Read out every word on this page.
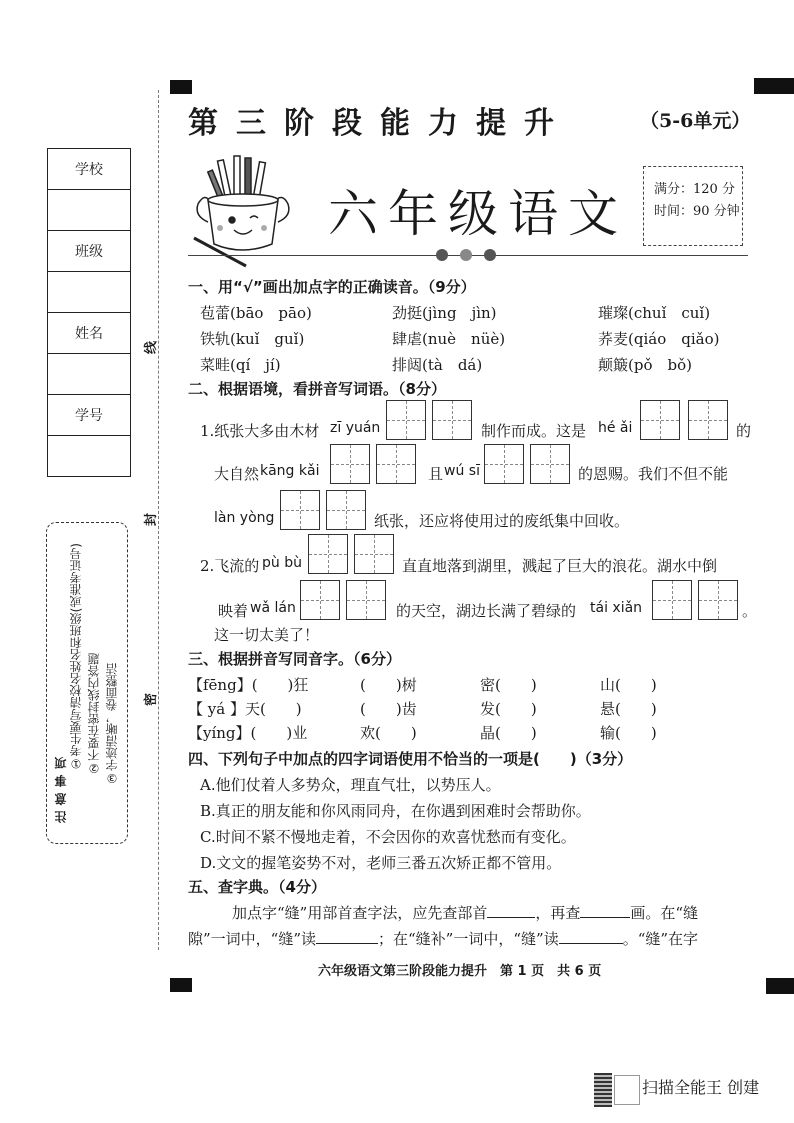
线
封
密
第三阶段能力提升	（5-6单元）
六年级语文 满分：120 分
时间：90 分钟
学校
班级
姓名
学号
注意事项
①考生要写清校名姓名和班级(或准考证号) ②不要在密封线内答题 ③字迹清晰，卷面整洁
一、用“√”画出加点字的正确读音。（9分）
苞蕾(bāo　pāo)	劲挺(jìng　jìn)	璀璨(chuǐ　cuǐ)
铁轨(kuǐ　guǐ)	肆虐(nuè　nüè)	荞麦(qiáo　qiǎo)
菜畦(qí　jí)	排闼(tà　dá)	颠簸(pǒ　bǒ)
二、根据语境，看拼音写词语。（8分）
1.纸张大多由木材 zī yuán	制作而成。这是 hé ǎi	的
大自然 kāng kǎi	且 wú sī	的恩赐。我们不但不能
làn yòng	纸张，还应将使用过的废纸集中回收。
2.飞流的 pù bù	直直地落到湖里，溅起了巨大的浪花。湖水中倒
映着 wǎ lán	的天空，湖边长满了碧绿的 tái xiǎn	。
这一切太美了！
三、根据拼音写同音字。（6分）
【fēng】(　　)狂	(　　)树	密(　　)	山(　　)
【 yá 】天(　　)	(　　)齿	发(　　)	悬(　　)
【yíng】(　　)业	欢(　　)	晶(　　)	输(　　)
四、下列句子中加点的四字词语使用不恰当的一项是(　　)（3分）
A.他们仗着人多势众，理直气壮，以势压人。
B.真正的朋友能和你风雨同舟，在你遇到困难时会帮助你。
C.时间不紧不慢地走着，不会因你的欢喜忧愁而有变化。
D.文文的握笔姿势不对，老师三番五次矫正都不管用。
五、查字典。（4分）
加点字“缝”用部首查字法，应先查部首	，再查	画。在“缝
隙”一词中，“缝”读	；在“缝补”一词中，“缝”读	。“缝”在字
六年级语文第三阶段能力提升　第 1 页　共 6 页
扫描全能王 创建
